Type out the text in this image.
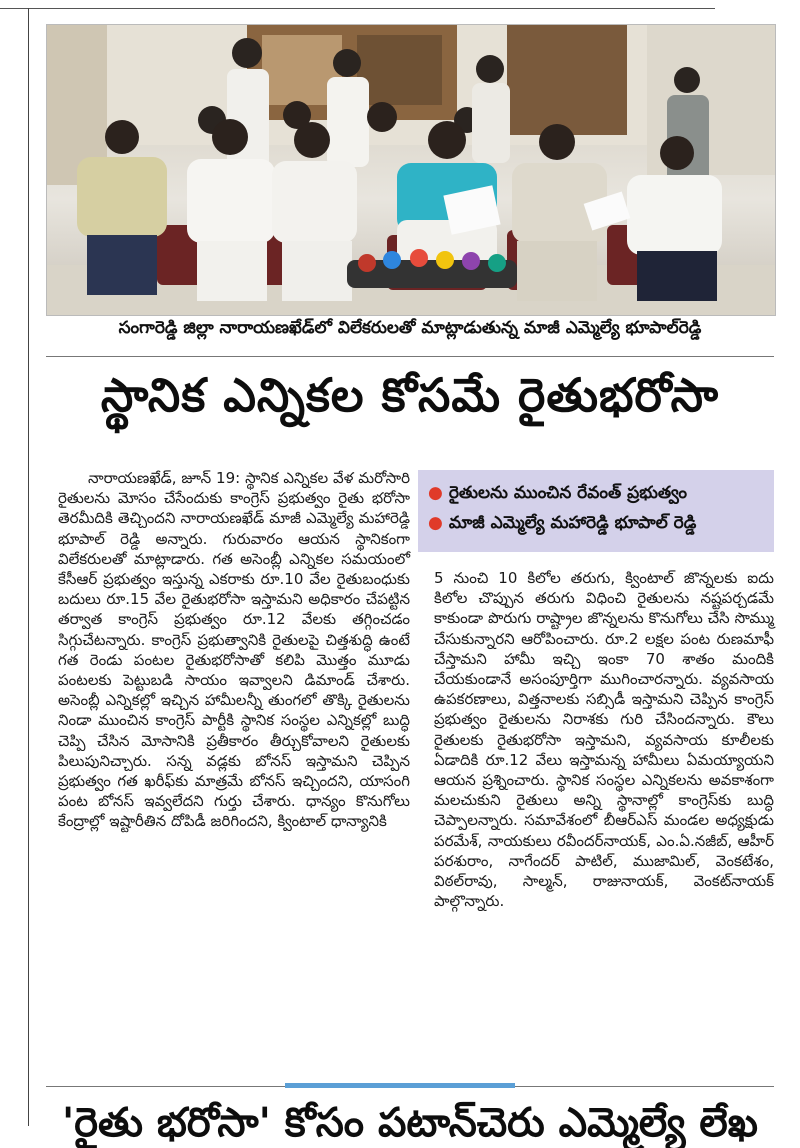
సంగారెడ్డి జిల్లా నారాయణఖేడ్‌లో విలేకరులతో మాట్లాడుతున్న మాజీ ఎమ్మెల్యే భూపాల్‌రెడ్డి
స్థానిక ఎన్నికల కోసమే రైతుభరోసా

నారాయణఖేడ్, జూన్ 19: స్థానిక ఎన్నికల వేళ మరోసారి రైతులను మోసం చేసేందుకు కాంగ్రెస్ ప్రభుత్వం రైతు భరోసా తెరమీదికి తెచ్చిందని నారాయణఖేడ్ మాజీ ఎమ్మెల్యే మహారెడ్డి భూపాల్ రెడ్డి అన్నారు. గురువారం ఆయన స్థానికంగా విలేకరులతో మాట్లాడారు. గత అసెంబ్లీ ఎన్నికల సమయంలో కేసీఆర్ ప్రభుత్వం ఇస్తున్న ఎకరాకు రూ.10 వేల రైతుబంధుకు బదులు రూ.15 వేల రైతుభరోసా ఇస్తామని అధికారం చేపట్టిన తర్వాత కాంగ్రెస్ ప్రభుత్వం రూ.12 వేలకు తగ్గించడం సిగ్గుచేటన్నారు. కాంగ్రెస్ ప్రభుత్వానికి రైతులపై చిత్తశుద్ధి ఉంటే గత రెండు పంటల రైతుభరోసాతో కలిపి మొత్తం మూడు పంటలకు పెట్టుబడి సాయం ఇవ్వాలని డిమాండ్ చేశారు. అసెంబ్లీ ఎన్నికల్లో ఇచ్చిన హామీలన్నీ తుంగలో తొక్కి రైతులను నిండా ముంచిన కాంగ్రెస్ పార్టీకి స్థానిక సంస్థల ఎన్నికల్లో బుద్ధి చెప్పి చేసిన మోసానికి ప్రతీకారం తీర్చుకోవాలని రైతులకు పిలుపునిచ్చారు. సన్న వడ్లకు బోనస్ ఇస్తామని చెప్పిన ప్రభుత్వం గత ఖరీఫ్‌కు మాత్రమే బోనస్ ఇచ్చిందని, యాసంగి పంట బోనస్ ఇవ్వలేదని గుర్తు చేశారు. ధాన్యం కొనుగోలు కేంద్రాల్లో ఇష్టారీతిన దోపిడీ జరిగిందని, క్వింటాల్ ధాన్యానికి

● రైతులను ముంచిన రేవంత్ ప్రభుత్వం
● మాజీ ఎమ్మెల్యే మహారెడ్డి భూపాల్ రెడ్డి

5 నుంచి 10 కిలోల తరుగు, క్వింటాల్ జొన్నలకు ఐదు కిలోల చొప్పున తరుగు విధించి రైతులను నష్టపర్చడమే కాకుండా పొరుగు రాష్ట్రాల జొన్నలను కొనుగోలు చేసి సొమ్ము చేసుకున్నారని ఆరోపించారు. రూ.2 లక్షల పంట రుణమాఫీ చేస్తామని హామీ ఇచ్చి ఇంకా 70 శాతం మందికి చేయకుండానే అసంపూర్తిగా ముగించారన్నారు. వ్యవసాయ ఉపకరణాలు, విత్తనాలకు సబ్సిడీ ఇస్తామని చెప్పిన కాంగ్రెస్ ప్రభుత్వం రైతులను నిరాశకు గురి చేసిందన్నారు. కౌలు రైతులకు రైతుభరోసా ఇస్తామని, వ్యవసాయ కూలీలకు ఏడాదికి రూ.12 వేలు ఇస్తామన్న హామీలు ఏమయ్యాయని ఆయన ప్రశ్నించారు. స్థానిక సంస్థల ఎన్నికలను అవకాశంగా మలచుకుని రైతులు అన్ని స్థానాల్లో కాంగ్రెస్‌కు బుద్ధి చెప్పాలన్నారు. సమావేశంలో బీఆర్ఎస్ మండల అధ్యక్షుడు పరమేశ్, నాయకులు రవీందర్‌నాయక్, ఎం.ఏ.నజీబ్, ఆహీర్ పరశురాం, నాగేందర్ పాటిల్, ముజామిల్, వెంకటేశం, విఠల్‌రావు, సాల్మన్, రాజునాయక్, వెంకట్‌నాయక్ పాల్గొన్నారు.

'రైతు భరోసా' కోసం పటాన్‌చెరు ఎమ్మెల్యే లేఖ
